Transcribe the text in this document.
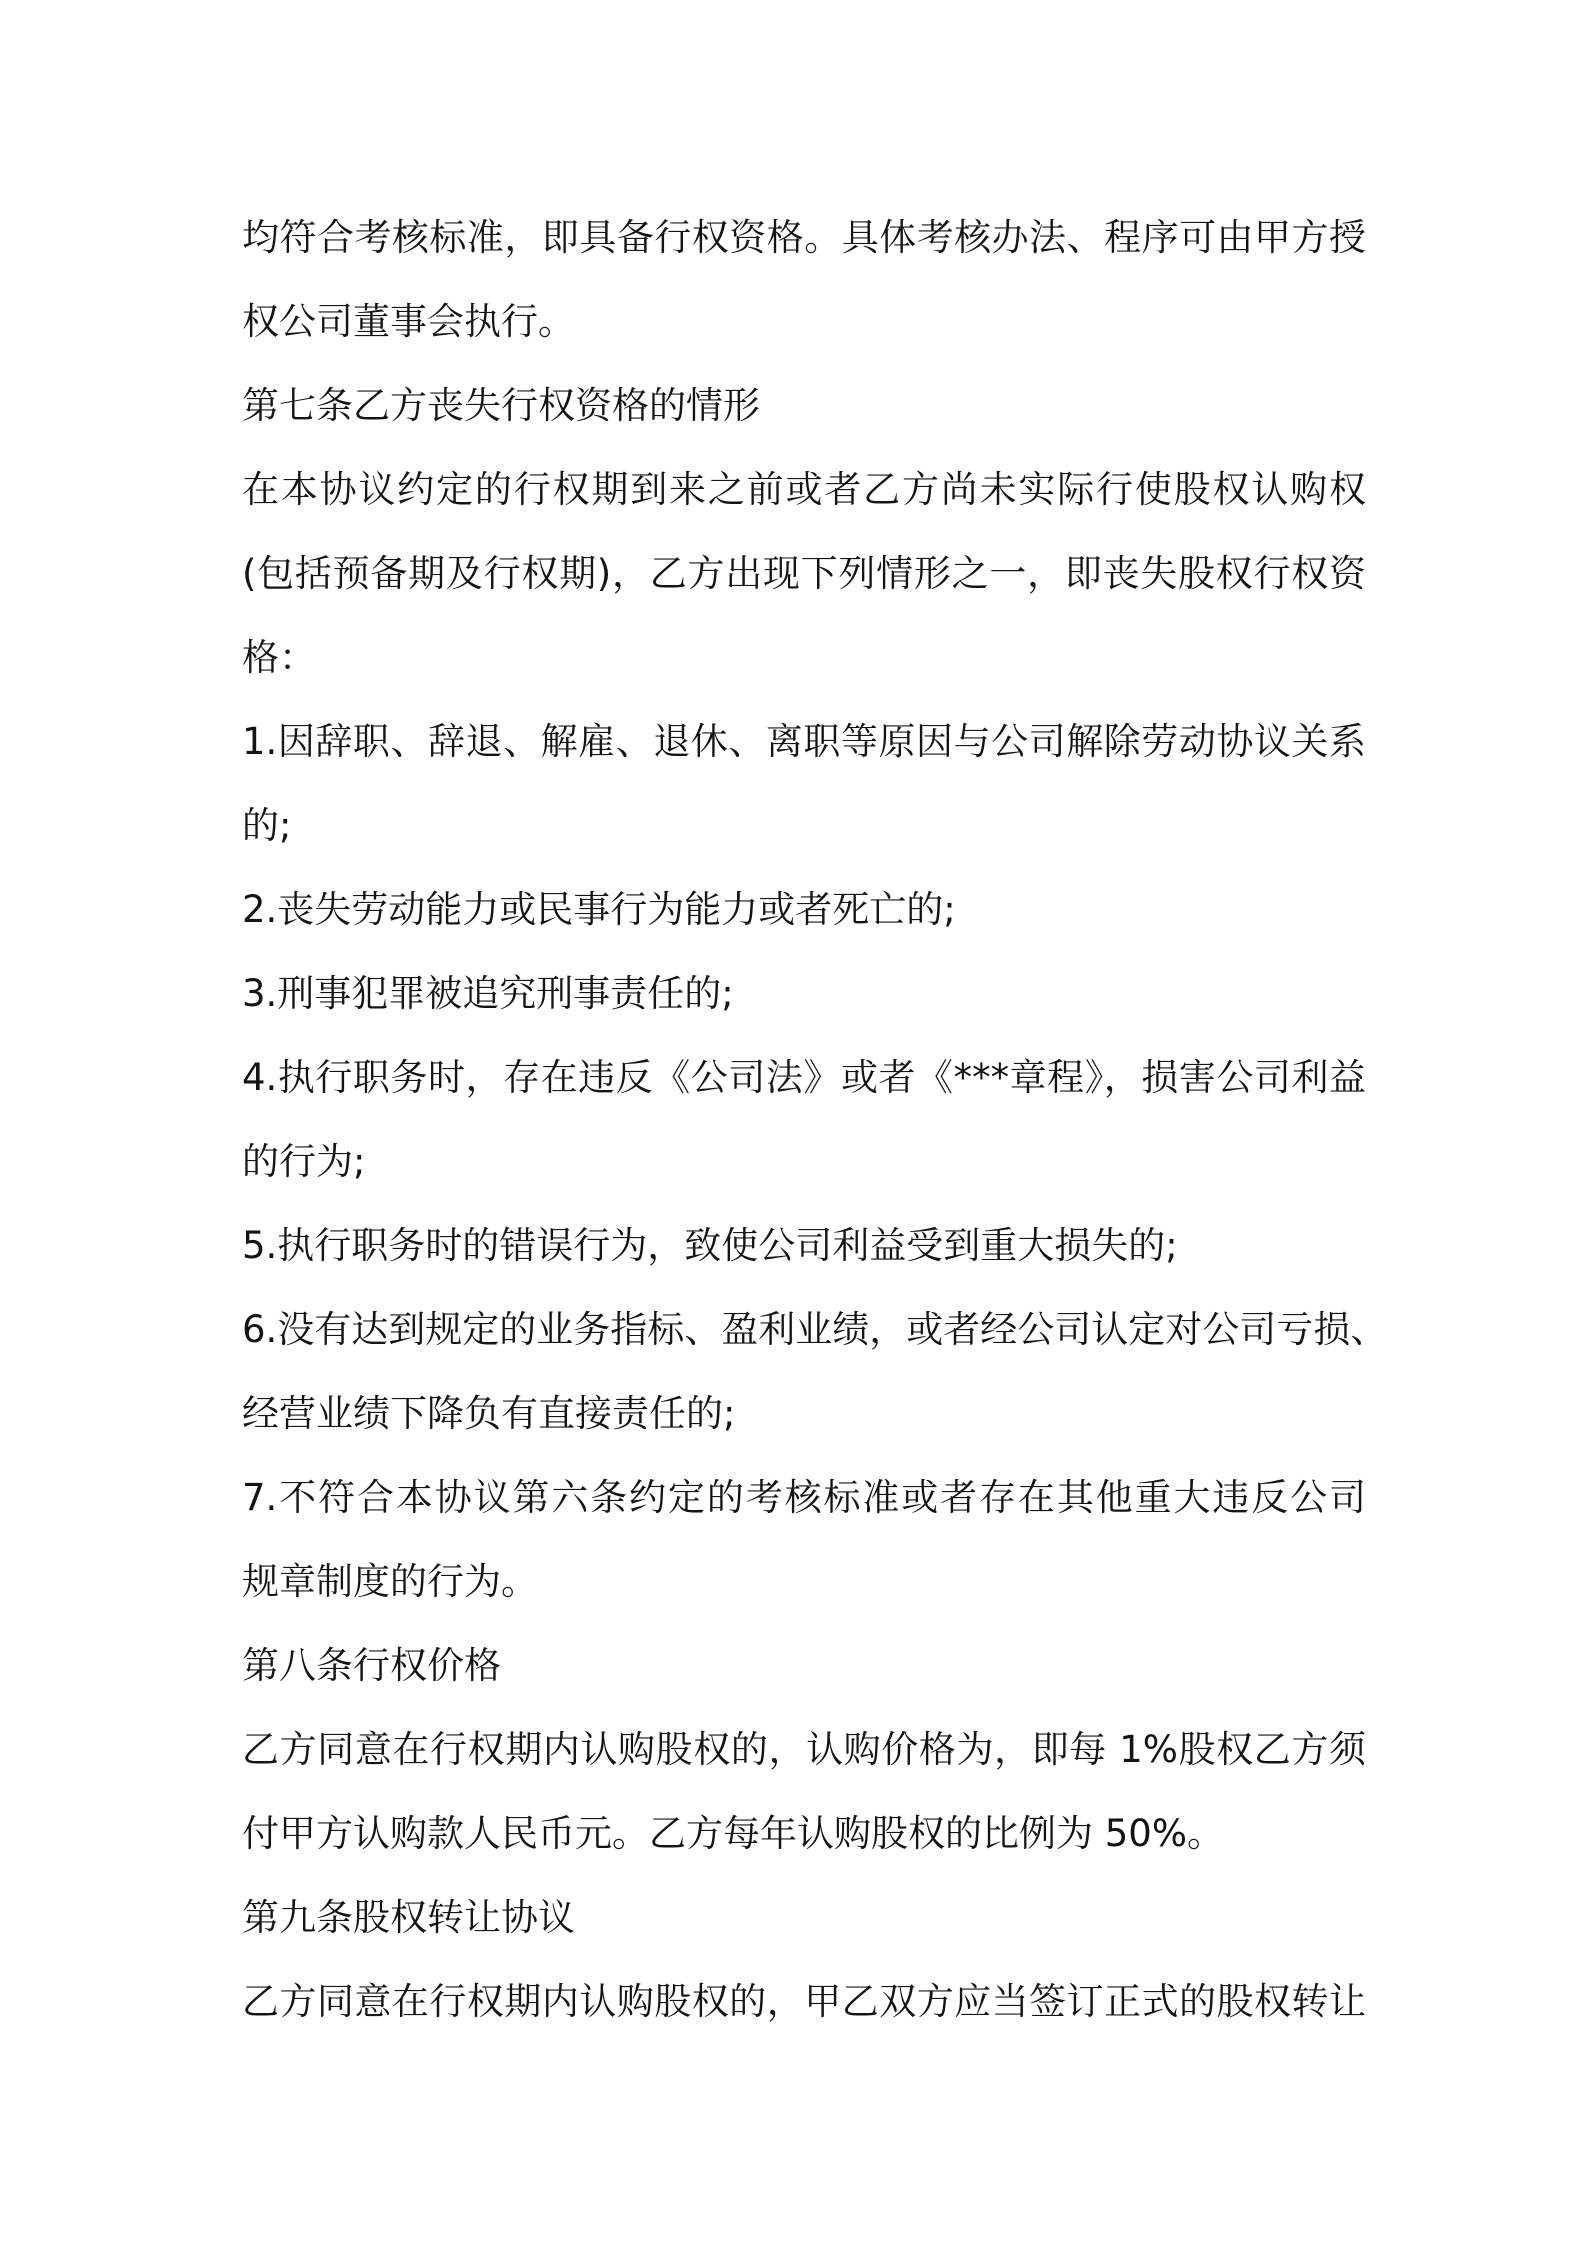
均符合考核标准，即具备行权资格。具体考核办法、程序可由甲方授
权公司董事会执行。
第七条乙方丧失行权资格的情形
在本协议约定的行权期到来之前或者乙方尚未实际行使股权认购权
(包括预备期及行权期)，乙方出现下列情形之一，即丧失股权行权资
格：
1.因辞职、辞退、解雇、退休、离职等原因与公司解除劳动协议关系
的;
2.丧失劳动能力或民事行为能力或者死亡的;
3.刑事犯罪被追究刑事责任的;
4.执行职务时，存在违反《公司法》或者《***章程》，损害公司利益
的行为;
5.执行职务时的错误行为，致使公司利益受到重大损失的;
6.没有达到规定的业务指标、盈利业绩，或者经公司认定对公司亏损、
经营业绩下降负有直接责任的;
7.不符合本协议第六条约定的考核标准或者存在其他重大违反公司
规章制度的行为。
第八条行权价格
乙方同意在行权期内认购股权的，认购价格为，即每 1%股权乙方须
付甲方认购款人民币元。乙方每年认购股权的比例为 50%。
第九条股权转让协议
乙方同意在行权期内认购股权的，甲乙双方应当签订正式的股权转让
